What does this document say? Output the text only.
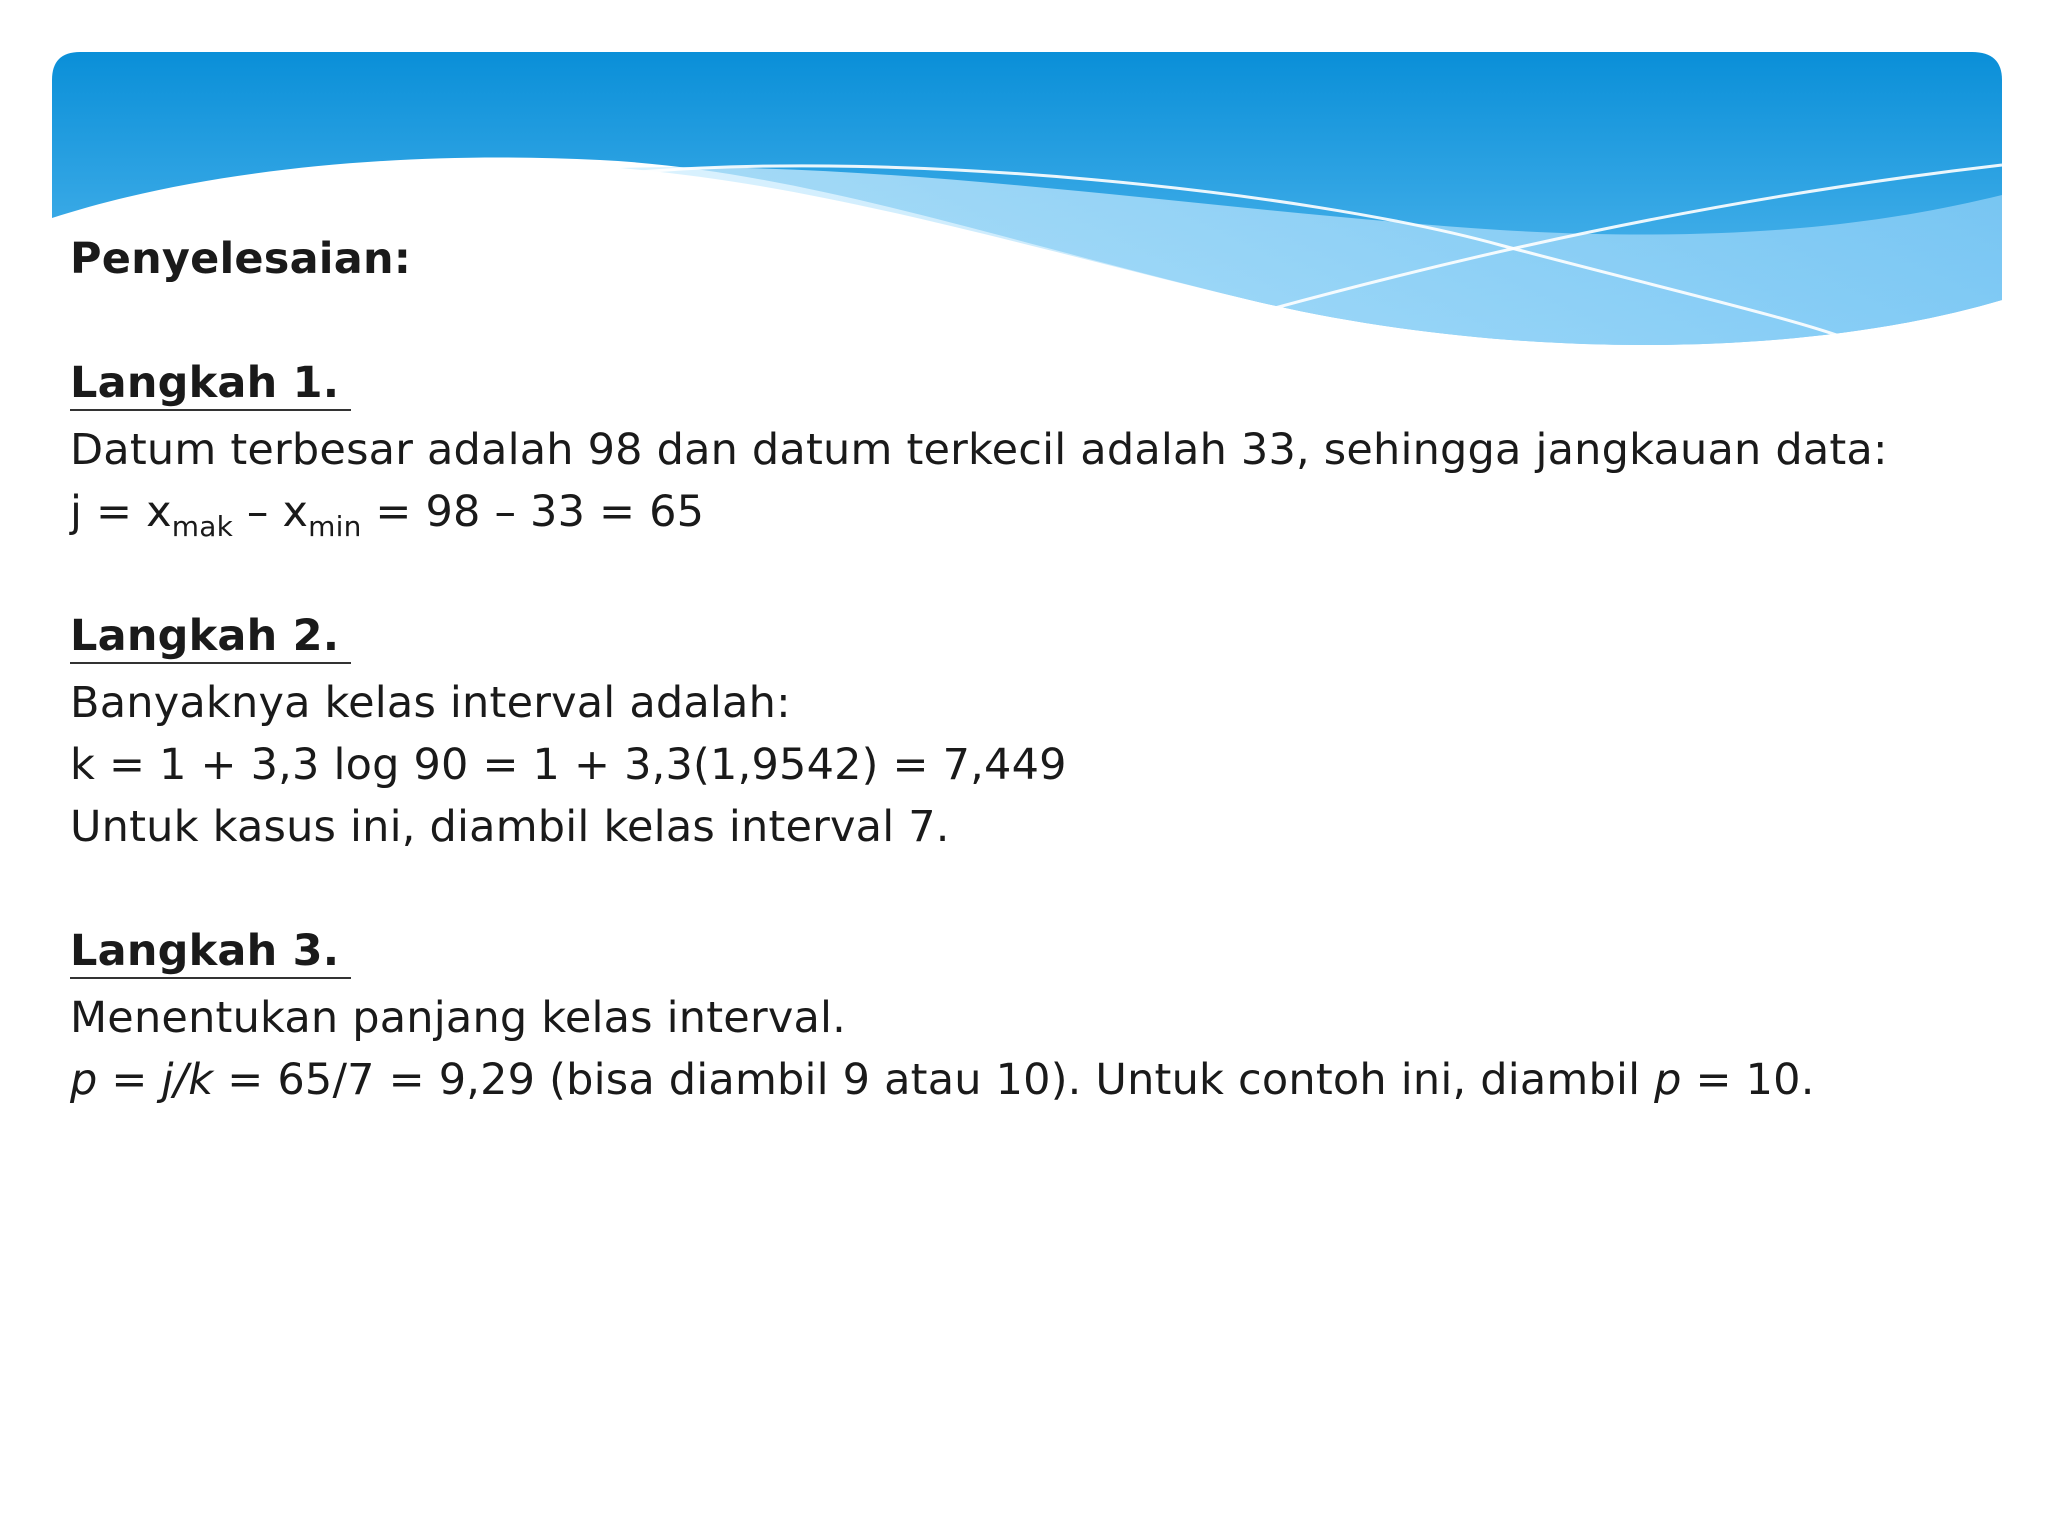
Penyelesaian:
Langkah 1.
Datum terbesar adalah 98 dan datum terkecil adalah 33, sehingga jangkauan data:
$j = x_{mak} - x_{min} = 98 - 33 = 65$
Langkah 2.
Banyaknya kelas interval adalah:
k = 1 + 3,3 log 90 = 1 + 3,3(1,9542) = 7,449
Untuk kasus ini, diambil kelas interval 7.
Langkah 3.
Menentukan panjang kelas interval.
p = j/k = 65/7 = 9,29 (bisa diambil 9 atau 10). Untuk contoh ini, diambil p = 10.
